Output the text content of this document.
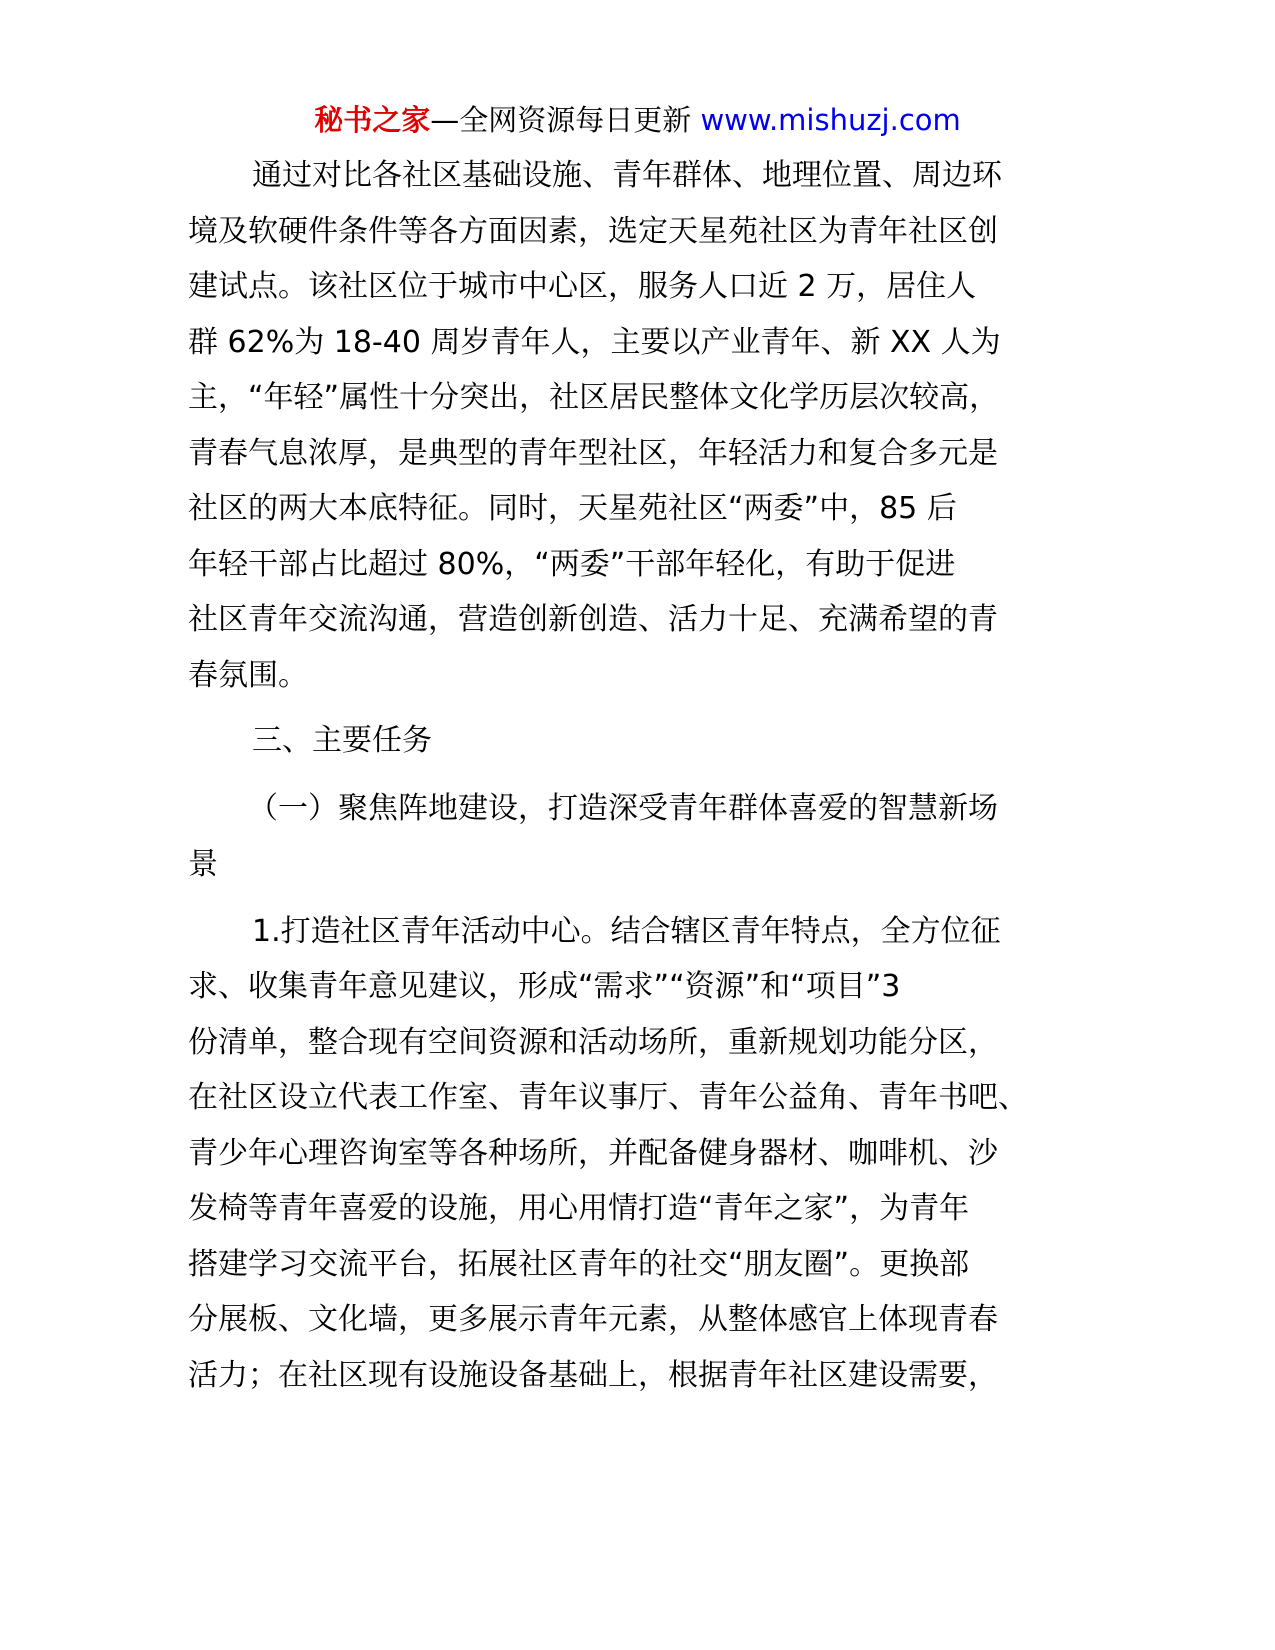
秘书之家—全网资源每日更新 www.mishuzj.com
通过对比各社区基础设施、青年群体、地理位置、周边环
境及软硬件条件等各方面因素，选定天星苑社区为青年社区创
建试点。该社区位于城市中心区，服务人口近 2 万，居住人
群 62%为 18-40 周岁青年人，主要以产业青年、新 XX 人为
主，“年轻”属性十分突出，社区居民整体文化学历层次较高，
青春气息浓厚，是典型的青年型社区，年轻活力和复合多元是
社区的两大本底特征。同时，天星苑社区“两委”中，85 后
年轻干部占比超过 80%，“两委”干部年轻化，有助于促进
社区青年交流沟通，营造创新创造、活力十足、充满希望的青
春氛围。
三、主要任务
（一）聚焦阵地建设，打造深受青年群体喜爱的智慧新场
景
1.打造社区青年活动中心。结合辖区青年特点，全方位征
求、收集青年意见建议，形成“需求”“资源”和“项目”3
份清单，整合现有空间资源和活动场所，重新规划功能分区，
在社区设立代表工作室、青年议事厅、青年公益角、青年书吧、
青少年心理咨询室等各种场所，并配备健身器材、咖啡机、沙
发椅等青年喜爱的设施，用心用情打造“青年之家”，为青年
搭建学习交流平台，拓展社区青年的社交“朋友圈”。更换部
分展板、文化墙，更多展示青年元素，从整体感官上体现青春
活力；在社区现有设施设备基础上，根据青年社区建设需要，
